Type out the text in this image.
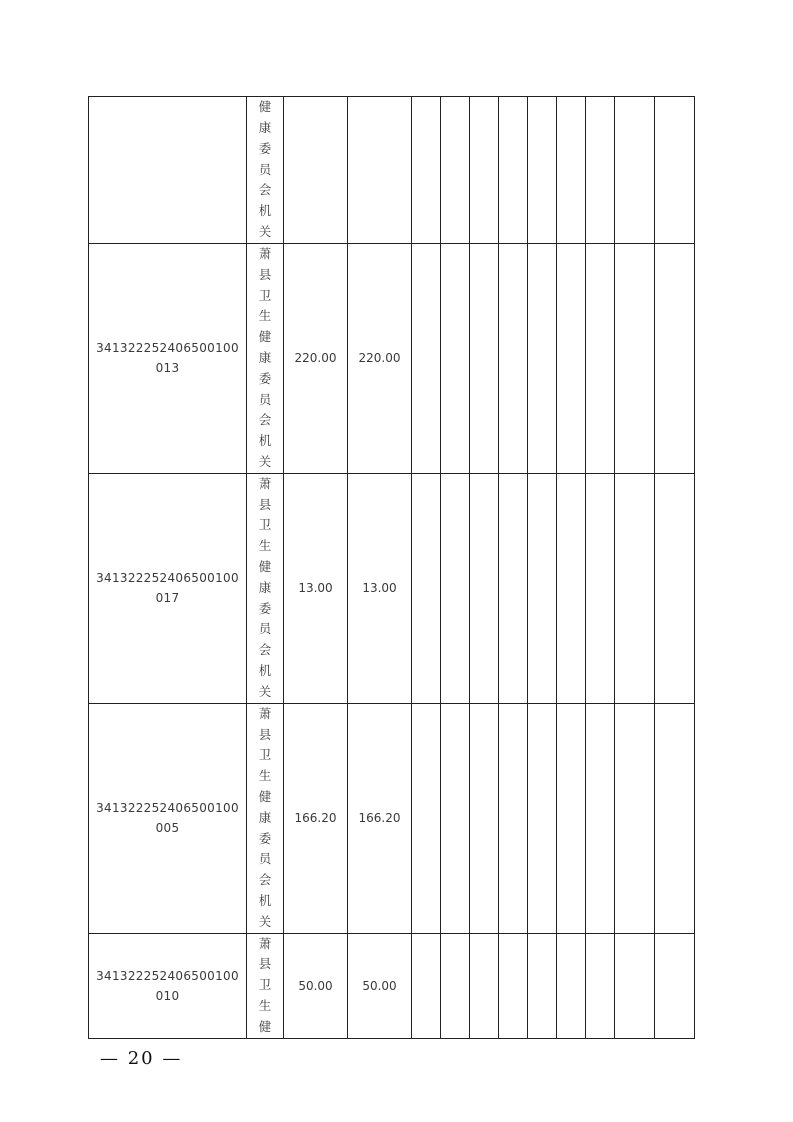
	健康委员会机关											
341322252406500100013	萧县卫生健康委员会机关	220.00	220.00									
341322252406500100017	萧县卫生健康委员会机关	13.00	13.00									
341322252406500100005	萧县卫生健康委员会机关	166.20	166.20									
341322252406500100010	萧县卫生健	50.00	50.00									
— 20 —
